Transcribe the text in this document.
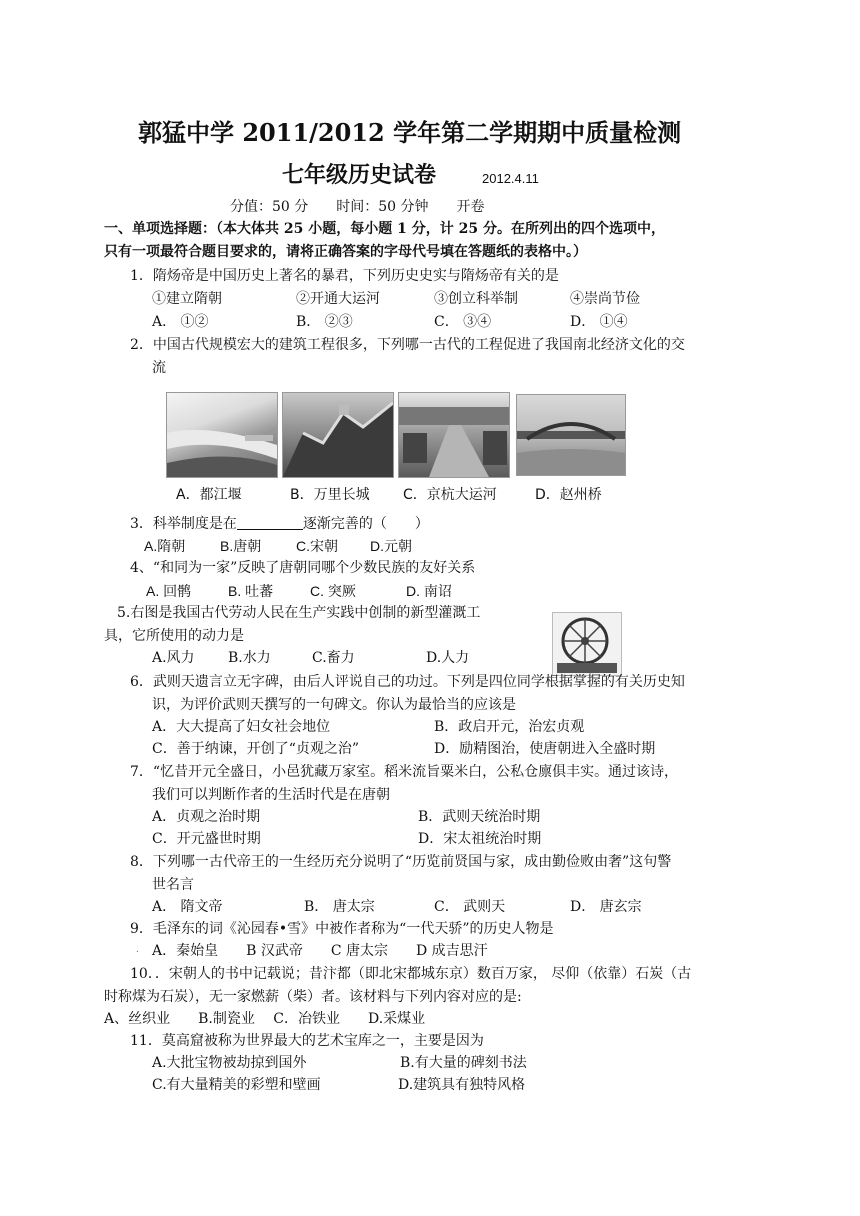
郭猛中学 2011/2012 学年第二学期期中质量检测
七年级历史试卷	2012.4.11
分值：50 分　　时间：50 分钟　　开卷
一、单项选择题：（本大体共 25 小题，每小题 1 分，计 25 分。在所列出的四个选项中，
只有一项最符合题目要求的，请将正确答案的字母代号填在答题纸的表格中。）
1．隋炀帝是中国历史上著名的暴君，下列历史史实与隋炀帝有关的是
①建立隋朝	②开通大运河	③创立科举制	④崇尚节俭
A． ①②	B． ②③	C． ③④	D． ①④
2．中国古代规模宏大的建筑工程很多，下列哪一古代的工程促进了我国南北经济文化的交
流
A．都江堰	B．万里长城 C．京杭大运河	D．赵州桥
3．科举制度是在	逐渐完善的（　　）
A.隋朝 B.唐朝 C.宋朝 D.元朝
4、“和同为一家”反映了唐朝同哪个少数民族的友好关系
A. 回鹘	B. 吐蕃	C. 突厥	D. 南诏
5.右图是我国古代劳动人民在生产实践中创制的新型灌溉工
具，它所使用的动力是
A.风力 B.水力	C.畜力	D.人力
6．武则天遗言立无字碑，由后人评说自己的功过。下列是四位同学根据掌握的有关历史知
识，为评价武则天撰写的一句碑文。你认为最恰当的应该是
A．大大提高了妇女社会地位	B．政启开元，治宏贞观
C．善于纳谏，开创了“贞观之治”	D．励精图治，使唐朝进入全盛时期
7．“忆昔开元全盛日，小邑犹藏万家室。稻米流旨粟米白，公私仓廪俱丰实。通过该诗，
我们可以判断作者的生活时代是在唐朝
A．贞观之治时期	B．武则天统治时期
C．开元盛世时期	D．宋太祖统治时期
8．下列哪一古代帝王的一生经历充分说明了“历览前贤国与家，成由勤俭败由奢”这句警
世名言
A． 隋文帝	B． 唐太宗	C． 武则天	D． 唐玄宗
9．毛泽东的词《沁园春•雪》中被作者称为“一代天骄”的历史人物是
. A．秦始皇　　B 汉武帝　　C 唐太宗　　D 成吉思汗
10．．宋朝人的书中记载说；昔汴都（即北宋都城东京）数百万家， 尽仰（依靠）石炭（古
时称煤为石炭），无一家燃薪（柴）者。该材料与下列内容对应的是:
A、丝织业　　B.制瓷业　 C．冶铁业　　D.采煤业
11．莫高窟被称为世界最大的艺术宝库之一，主要是因为
A.大批宝物被劫掠到国外	B.有大量的碑刻书法
C.有大量精美的彩塑和壁画	D.建筑具有独特风格
